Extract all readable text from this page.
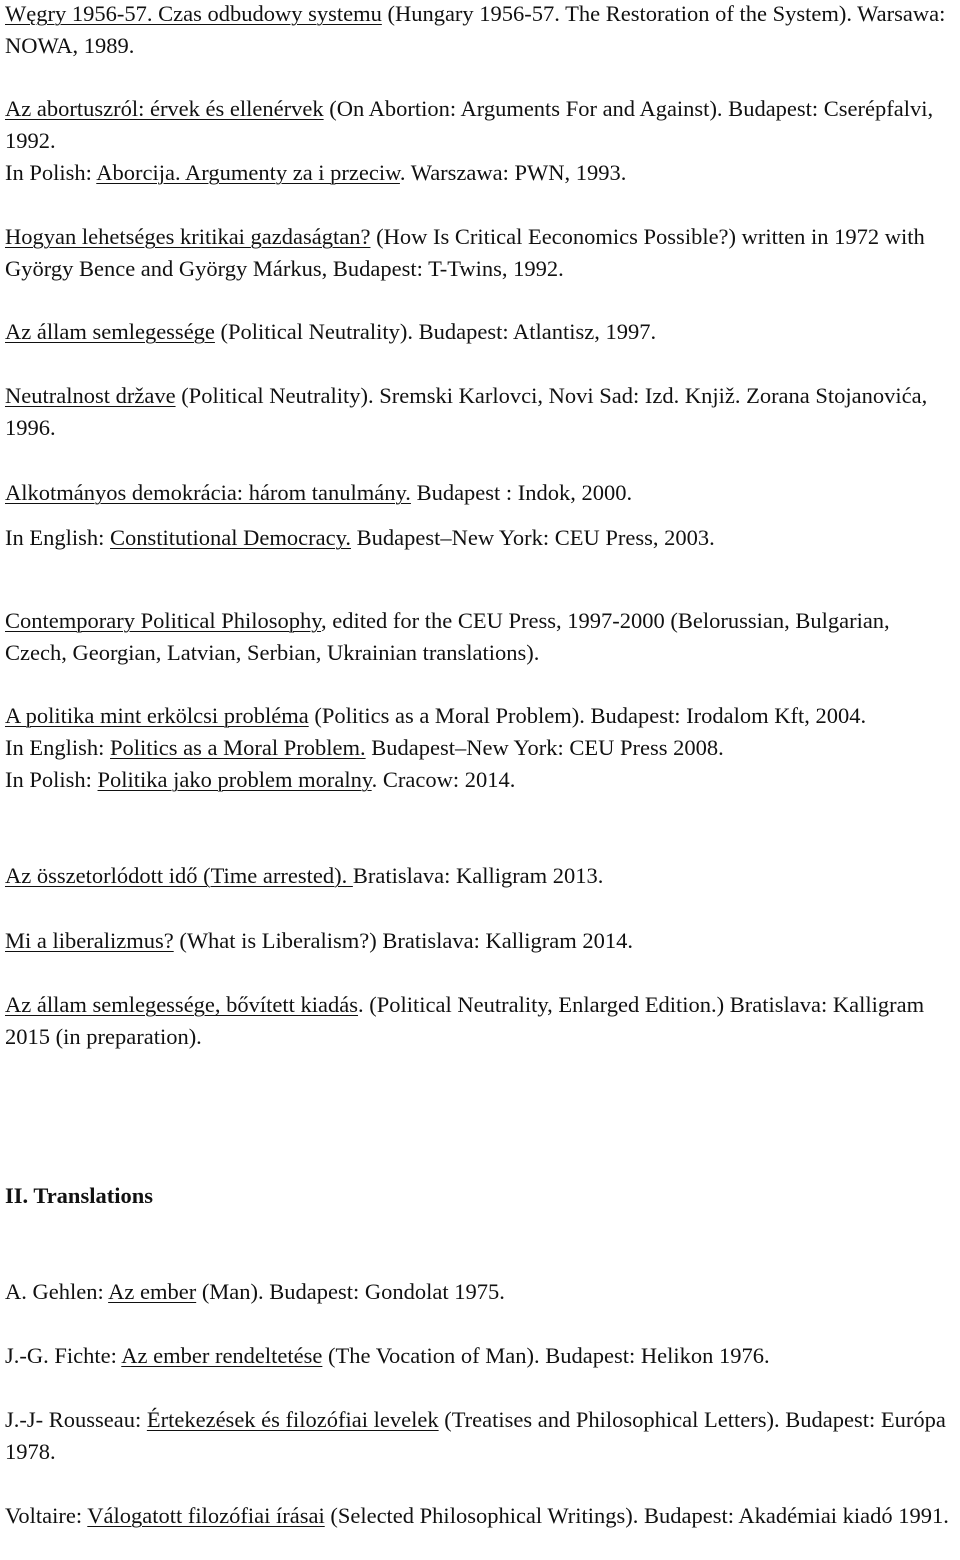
Węgry 1956-57. Czas odbudowy systemu (Hungary 1956-57. The Restoration of the System). Warsawa: NOWA, 1989.

Az abortuszról: érvek és ellenérvek (On Abortion: Arguments For and Against). Budapest: Cserépfalvi, 1992.
In Polish: Aborcija. Argumenty za i przeciw. Warszawa: PWN, 1993.

Hogyan lehetséges kritikai gazdaságtan? (How Is Critical Eeconomics Possible?) written in 1972 with György Bence and György Márkus, Budapest: T-Twins, 1992.

Az állam semlegessége (Political Neutrality). Budapest: Atlantisz, 1997.

Neutralnost države (Political Neutrality). Sremski Karlovci, Novi Sad: Izd. Knjiž. Zorana Stojanovića, 1996.

Alkotmányos demokrácia: három tanulmány. Budapest : Indok, 2000.
In English: Constitutional Democracy. Budapest–New York: CEU Press, 2003.

Contemporary Political Philosophy, edited for the CEU Press, 1997-2000 (Belorussian, Bulgarian, Czech, Georgian, Latvian, Serbian, Ukrainian translations).

A politika mint erkölcsi probléma (Politics as a Moral Problem). Budapest: Irodalom Kft, 2004.
In English: Politics as a Moral Problem. Budapest–New York: CEU Press 2008.
In Polish: Politika jako problem moralny. Cracow: 2014.

Az összetorlódott idő (Time arrested). Bratislava: Kalligram 2013.

Mi a liberalizmus? (What is Liberalism?) Bratislava: Kalligram 2014.

Az állam semlegessége, bővített kiadás. (Political Neutrality, Enlarged Edition.) Bratislava: Kalligram 2015 (in preparation).

II. Translations

A. Gehlen: Az ember (Man). Budapest: Gondolat 1975.

J.-G. Fichte: Az ember rendeltetése (The Vocation of Man). Budapest: Helikon 1976.

J.-J- Rousseau: Értekezések és filozófiai levelek (Treatises and Philosophical Letters). Budapest: Európa 1978.

Voltaire: Válogatott filozófiai írásai (Selected Philosophical Writings). Budapest: Akadémiai kiadó 1991.
